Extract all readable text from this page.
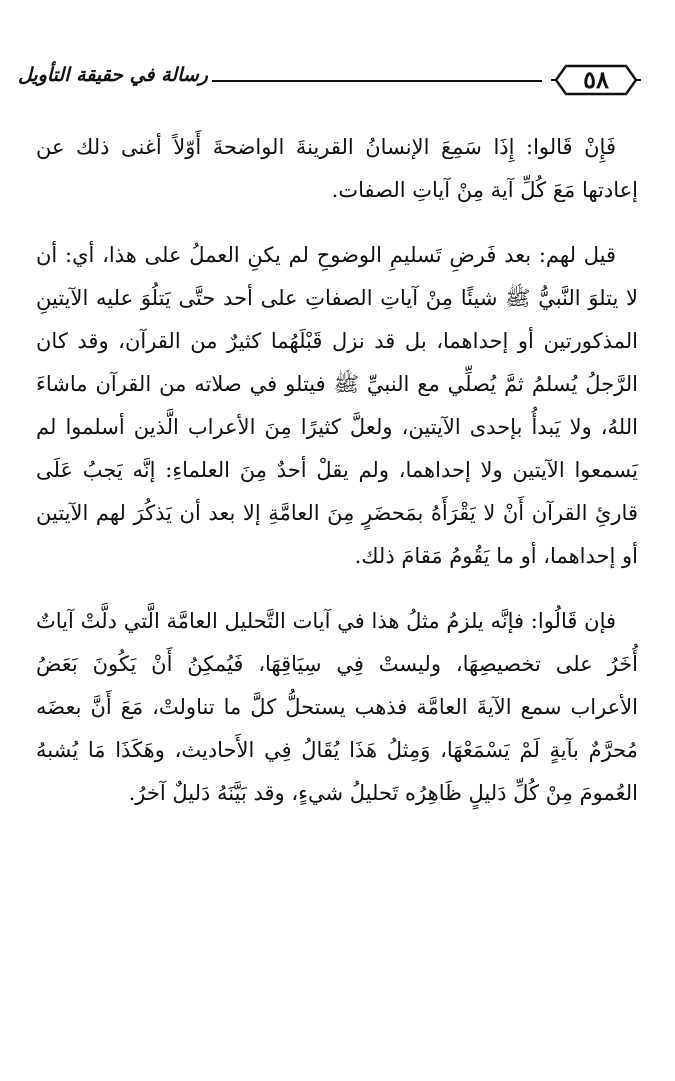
٥٨
رسالة في حقيقة التأويل

فَإِنْ قَالوا: إِذَا سَمِعَ الإنسانُ القرينةَ الواضحةَ أَوّلاً أغنى ذلك عن إعادتها مَعَ كُلِّ آية مِنْ آياتِ الصفات.

قيل لهم: بعد فَرضِ تَسليمِ الوضوحِ لم يكنِ العملُ على هذا، أي: أن لا يتلوَ النَّبيُّ ﷺ شيئًا مِنْ آياتِ الصفاتِ على أحد حتَّى يَتلُوَ عليه الآيتينِ المذكورتين أو إحداهما، بل قد نزل قَبْلَهُما كثيرٌ من القرآن، وقد كان الرَّجلُ يُسلمُ ثمَّ يُصلِّي مع النبيِّ ﷺ فيتلو في صلاته من القرآن ماشاءَ اللهُ، ولا يَبدأُ بإحدى الآيتين، ولعلَّ كثيرًا مِنَ الأعراب الَّذين أسلموا لم يَسمعوا الآيتين ولا إحداهما، ولم يقلْ أحدٌ مِنَ العلماءِ: إنَّه يَجبُ عَلَى قارئِ القرآن أَنْ لا يَقْرَأَهُ بمَحضَرٍ مِنَ العامَّةِ إلا بعد أن يَذكُرَ لهم الآيتين أو إحداهما، أو ما يَقُومُ مَقامَ ذلك.

فإن قَالُوا: فإنَّه يلزمُ مثلُ هذا في آيات التَّحليل العامَّة الَّتي دلَّتْ آياتٌ أُخَرُ على تخصيصِهَا، وليستْ فِي سِيَاقِهَا، فَيُمكِنُ أَنْ يَكُونَ بَعَضُ الأعراب سمع الآيةَ العامَّة فذهب يستحلُّ كلَّ ما تناولتْ، مَعَ أَنَّ بعضَه مُحرَّمٌ بآيةٍ لَمْ يَسْمَعْهَا، وَمِثلُ هَذَا يُقَالُ فِي الأَحاديث، وهَكَذَا مَا يُشبهُ العُمومَ مِنْ كُلِّ دَليلٍ ظَاهِرُه تَحليلُ شيءٍ، وقد بَيَّنَهُ دَليلٌ آخرُ.
